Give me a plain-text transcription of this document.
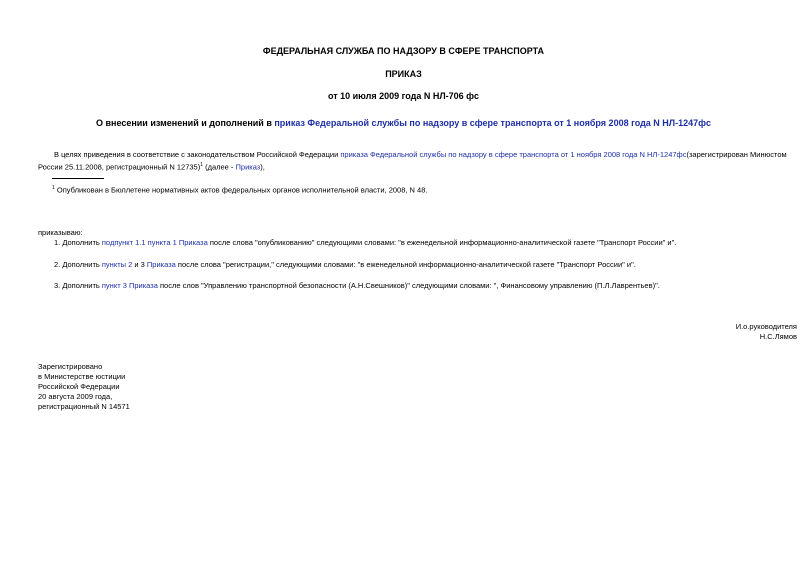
ФЕДЕРАЛЬНАЯ СЛУЖБА ПО НАДЗОРУ В СФЕРЕ ТРАНСПОРТА
ПРИКАЗ
от 10 июля 2009 года N НЛ-706 фс
О внесении изменений и дополнений в приказ Федеральной службы по надзору в сфере транспорта от 1 ноября 2008 года N НЛ-1247фс
В целях приведения в соответствие с законодательством Российской Федерации приказа Федеральной службы по надзору в сфере транспорта от 1 ноября 2008 года N НЛ-1247фс(зарегистрирован Минюстом
России 25.11.2008, регистрационный N 12735)$^1$ (далее - Приказ),
$^1$ Опубликован в Бюллетене нормативных актов федеральных органов исполнительной власти, 2008, N 48.
приказываю:
1. Дополнить подпункт 1.1 пункта 1 Приказа после слова "опубликованию" следующими словами: "в еженедельной информационно-аналитической газете "Транспорт России" и".
2. Дополнить пункты 2 и 3 Приказа после слова "регистрации," следующими словами: "в еженедельной информационно-аналитической газете "Транспорт России" и".
3. Дополнить пункт 3 Приказа после слов "Управлению транспортной безопасности (А.Н.Свешников)" следующими словами: ", Финансовому управлению (П.Л.Лаврентьев)".
И.о.руководителя
Н.С.Лямов
Зарегистрировано
в Министерстве юстиции
Российской Федерации
20 августа 2009 года,
регистрационный N 14571
